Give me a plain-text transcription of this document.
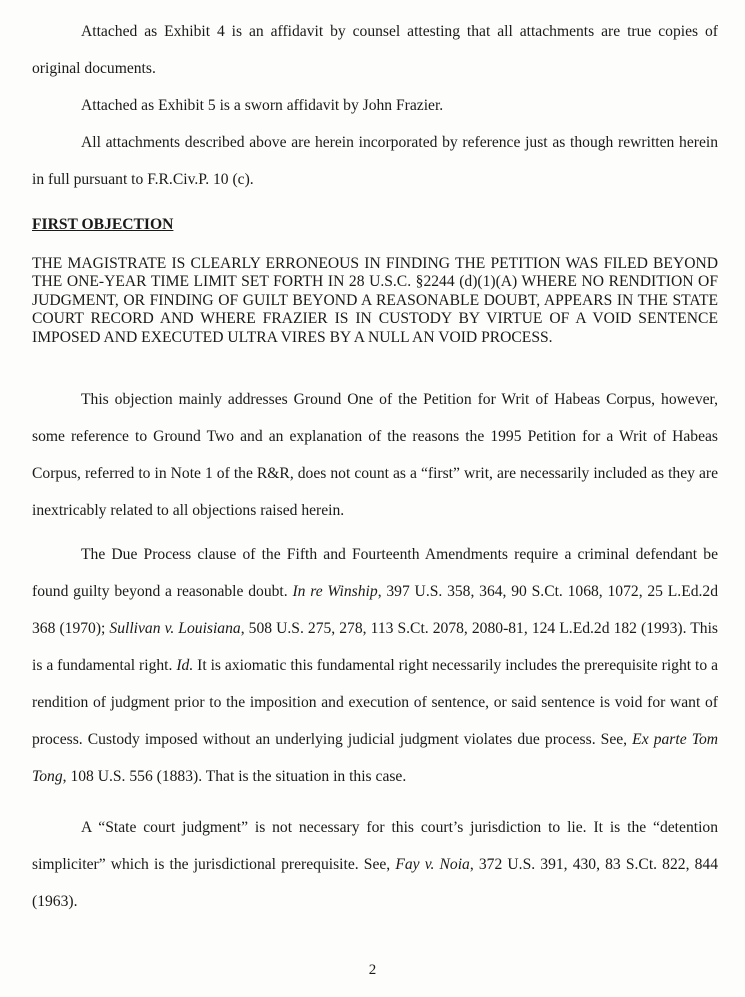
Attached as Exhibit 4 is an affidavit by counsel attesting that all attachments are true copies of original documents.

Attached as Exhibit 5 is a sworn affidavit by John Frazier.

All attachments described above are herein incorporated by reference just as though rewritten herein in full pursuant to F.R.Civ.P. 10 (c).

FIRST OBJECTION

THE MAGISTRATE IS CLEARLY ERRONEOUS IN FINDING THE PETITION WAS FILED BEYOND THE ONE-YEAR TIME LIMIT SET FORTH IN 28 U.S.C. §2244 (d)(1)(A) WHERE NO RENDITION OF JUDGMENT, OR FINDING OF GUILT BEYOND A REASONABLE DOUBT, APPEARS IN THE STATE COURT RECORD AND WHERE FRAZIER IS IN CUSTODY BY VIRTUE OF A VOID SENTENCE IMPOSED AND EXECUTED ULTRA VIRES BY A NULL AN VOID PROCESS.

This objection mainly addresses Ground One of the Petition for Writ of Habeas Corpus, however, some reference to Ground Two and an explanation of the reasons the 1995 Petition for a Writ of Habeas Corpus, referred to in Note 1 of the R&R, does not count as a “first” writ, are necessarily included as they are inextricably related to all objections raised herein.

The Due Process clause of the Fifth and Fourteenth Amendments require a criminal defendant be found guilty beyond a reasonable doubt. In re Winship, 397 U.S. 358, 364, 90 S.Ct. 1068, 1072, 25 L.Ed.2d 368 (1970); Sullivan v. Louisiana, 508 U.S. 275, 278, 113 S.Ct. 2078, 2080-81, 124 L.Ed.2d 182 (1993). This is a fundamental right. Id. It is axiomatic this fundamental right necessarily includes the prerequisite right to a rendition of judgment prior to the imposition and execution of sentence, or said sentence is void for want of process. Custody imposed without an underlying judicial judgment violates due process. See, Ex parte Tom Tong, 108 U.S. 556 (1883). That is the situation in this case.

A “State court judgment” is not necessary for this court’s jurisdiction to lie. It is the “detention simpliciter” which is the jurisdictional prerequisite. See, Fay v. Noia, 372 U.S. 391, 430, 83 S.Ct. 822, 844 (1963).

2
